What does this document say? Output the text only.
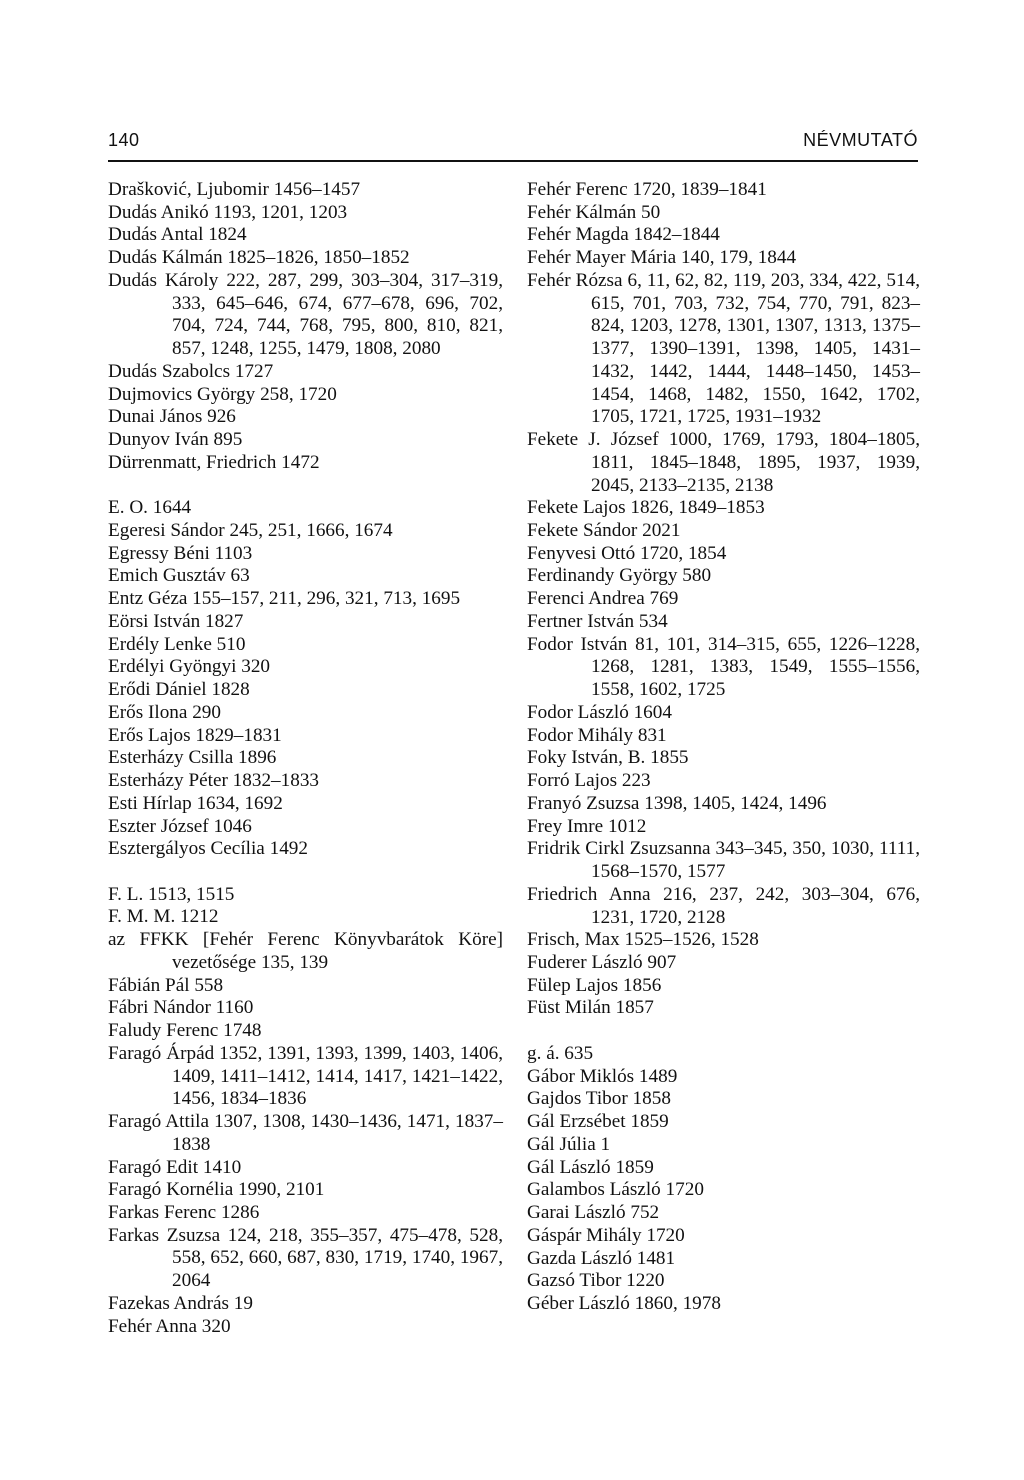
140	NÉVMUTATÓ
Drašković, Ljubomir 1456–1457
Dudás Anikó 1193, 1201, 1203
Dudás Antal 1824
Dudás Kálmán 1825–1826, 1850–1852
Dudás Károly 222, 287, 299, 303–304, 317–319, 333, 645–646, 674, 677–678, 696, 702, 704, 724, 744, 768, 795, 800, 810, 821, 857, 1248, 1255, 1479, 1808, 2080
Dudás Szabolcs 1727
Dujmovics György 258, 1720
Dunai János 926
Dunyov Iván 895
Dürrenmatt, Friedrich 1472
E. O. 1644
Egeresi Sándor 245, 251, 1666, 1674
Egressy Béni 1103
Emich Gusztáv 63
Entz Géza 155–157, 211, 296, 321, 713, 1695
Eörsi István 1827
Erdély Lenke 510
Erdélyi Gyöngyi 320
Erődi Dániel 1828
Erős Ilona 290
Erős Lajos 1829–1831
Esterházy Csilla 1896
Esterházy Péter 1832–1833
Esti Hírlap 1634, 1692
Eszter József 1046
Esztergályos Cecília 1492
F. L. 1513, 1515
F. M. M. 1212
az FFKK [Fehér Ferenc Könyvbarátok Köre] vezetősége 135, 139
Fábián Pál 558
Fábri Nándor 1160
Faludy Ferenc 1748
Faragó Árpád 1352, 1391, 1393, 1399, 1403, 1406, 1409, 1411–1412, 1414, 1417, 1421–1422, 1456, 1834–1836
Faragó Attila 1307, 1308, 1430–1436, 1471, 1837–1838
Faragó Edit 1410
Faragó Kornélia 1990, 2101
Farkas Ferenc 1286
Farkas Zsuzsa 124, 218, 355–357, 475–478, 528, 558, 652, 660, 687, 830, 1719, 1740, 1967, 2064
Fazekas András 19
Fehér Anna 320
Fehér Ferenc 1720, 1839–1841
Fehér Kálmán 50
Fehér Magda 1842–1844
Fehér Mayer Mária 140, 179, 1844
Fehér Rózsa 6, 11, 62, 82, 119, 203, 334, 422, 514, 615, 701, 703, 732, 754, 770, 791, 823–824, 1203, 1278, 1301, 1307, 1313, 1375–1377, 1390–1391, 1398, 1405, 1431–1432, 1442, 1444, 1448–1450, 1453–1454, 1468, 1482, 1550, 1642, 1702, 1705, 1721, 1725, 1931–1932
Fekete J. József 1000, 1769, 1793, 1804–1805, 1811, 1845–1848, 1895, 1937, 1939, 2045, 2133–2135, 2138
Fekete Lajos 1826, 1849–1853
Fekete Sándor 2021
Fenyvesi Ottó 1720, 1854
Ferdinandy György 580
Ferenci Andrea 769
Fertner István 534
Fodor István 81, 101, 314–315, 655, 1226–1228, 1268, 1281, 1383, 1549, 1555–1556, 1558, 1602, 1725
Fodor László 1604
Fodor Mihály 831
Foky István, B. 1855
Forró Lajos 223
Franyó Zsuzsa 1398, 1405, 1424, 1496
Frey Imre 1012
Fridrik Cirkl Zsuzsanna 343–345, 350, 1030, 1111, 1568–1570, 1577
Friedrich Anna 216, 237, 242, 303–304, 676, 1231, 1720, 2128
Frisch, Max 1525–1526, 1528
Fuderer László 907
Fülep Lajos 1856
Füst Milán 1857
g. á. 635
Gábor Miklós 1489
Gajdos Tibor 1858
Gál Erzsébet 1859
Gál Júlia 1
Gál László 1859
Galambos László 1720
Garai László 752
Gáspár Mihály 1720
Gazda László 1481
Gazsó Tibor 1220
Géber László 1860, 1978
